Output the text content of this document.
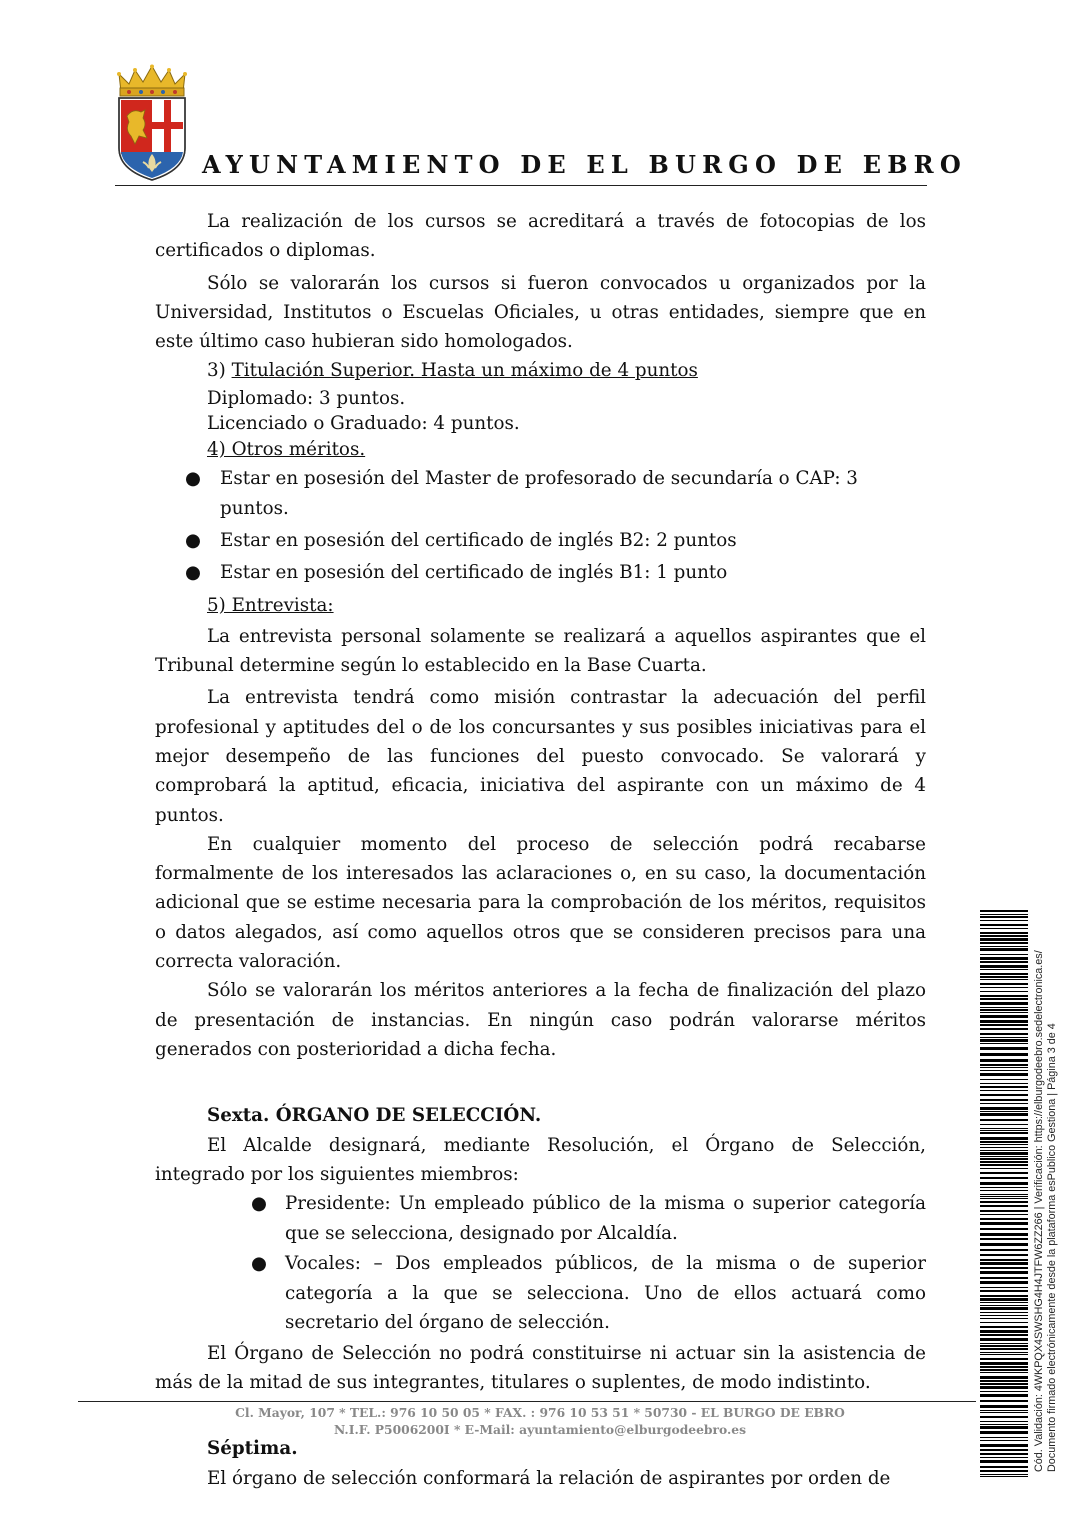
AYUNTAMIENTO DE EL BURGO DE EBRO

La realización de los cursos se acreditará a través de fotocopias de los certificados o diplomas.

Sólo se valorarán los cursos si fueron convocados u organizados por la Universidad, Institutos o Escuelas Oficiales, u otras entidades, siempre que en este último caso hubieran sido homologados.

3) Titulación Superior. Hasta un máximo de 4 puntos

Diplomado: 3 puntos.

Licenciado o Graduado: 4 puntos.

4) Otros méritos.

● Estar en posesión del Master de profesorado de secundaría o CAP: 3 puntos.
● Estar en posesión del certificado de inglés B2: 2 puntos
● Estar en posesión del certificado de inglés B1: 1 punto

5) Entrevista:

La entrevista personal solamente se realizará a aquellos aspirantes que el Tribunal determine según lo establecido en la Base Cuarta.

La entrevista tendrá como misión contrastar la adecuación del perfil profesional y aptitudes del o de los concursantes y sus posibles iniciativas para el mejor desempeño de las funciones del puesto convocado. Se valorará y comprobará la aptitud, eficacia, iniciativa del aspirante con un máximo de 4 puntos.

En cualquier momento del proceso de selección podrá recabarse formalmente de los interesados las aclaraciones o, en su caso, la documentación adicional que se estime necesaria para la comprobación de los méritos, requisitos o datos alegados, así como aquellos otros que se consideren precisos para una correcta valoración.

Sólo se valorarán los méritos anteriores a la fecha de finalización del plazo de presentación de instancias. En ningún caso podrán valorarse méritos generados con posterioridad a dicha fecha.

Sexta. ÓRGANO DE SELECCIÓN.

El Alcalde designará, mediante Resolución, el Órgano de Selección, integrado por los siguientes miembros:

● Presidente: Un empleado público de la misma o superior categoría que se selecciona, designado por Alcaldía.
● Vocales: – Dos empleados públicos, de la misma o de superior categoría a la que se selecciona. Uno de ellos actuará como secretario del órgano de selección.

El Órgano de Selección no podrá constituirse ni actuar sin la asistencia de más de la mitad de sus integrantes, titulares o suplentes, de modo indistinto.

Séptima.

El órgano de selección conformará la relación de aspirantes por orden de

Cl. Mayor, 107 * TEL.: 976 10 50 05 * FAX. : 976 10 53 51 * 50730 - EL BURGO DE EBRO
N.I.F. P5006200I * E-Mail: ayuntamiento@elburgodeebro.es	Cód. Validación: 4WKPQX4SWSHG4H4JTFW6ZZ266 | Verificación: https://elburgodeebro.sedelectronica.es/ Documento firmado electrónicamente desde la plataforma esPublico Gestiona | Página 3 de 4
